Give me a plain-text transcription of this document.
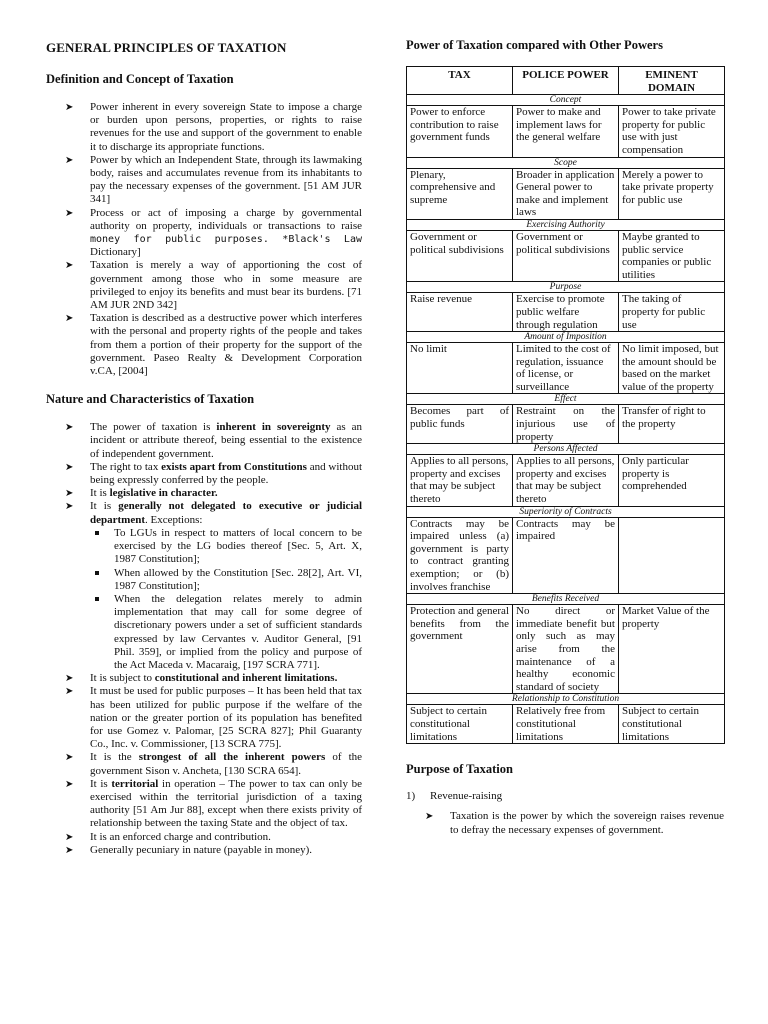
GENERAL PRINCIPLES OF TAXATION
Definition and Concept of Taxation
➤ Power inherent in every sovereign State to impose a charge or burden upon persons, properties, or rights to raise revenues for the use and support of the government to enable it to discharge its appropriate functions.
➤ Power by which an Independent State, through its lawmaking body, raises and accumulates revenue from its inhabitants to pay the necessary expenses of the government. [51 AM JUR 341]
➤ Process or act of imposing a charge by governmental authority on property, individuals or transactions to raise money for public purposes. *Black's Law Dictionary]
➤ Taxation is merely a way of apportioning the cost of government among those who in some measure are privileged to enjoy its benefits and must bear its burdens. [71 AM JUR 2ND 342]
➤ Taxation is described as a destructive power which interferes with the personal and property rights of the people and takes from them a portion of their property for the support of the government. Paseo Realty & Development Corporation v.CA, [2004]
Nature and Characteristics of Taxation
➤ The power of taxation is inherent in sovereignty as an incident or attribute thereof, being essential to the existence of independent government.
➤ The right to tax exists apart from Constitutions and without being expressly conferred by the people.
➤ It is legislative in character.
➤ It is generally not delegated to executive or judicial department. Exceptions:
To LGUs in respect to matters of local concern to be exercised by the LG bodies thereof [Sec. 5, Art. X, 1987 Constitution];
When allowed by the Constitution [Sec. 28[2], Art. VI, 1987 Constitution];
When the delegation relates merely to admin implementation that may call for some degree of discretionary powers under a set of sufficient standards expressed by law Cervantes v. Auditor General, [91 Phil. 359], or implied from the policy and purpose of the Act Maceda v. Macaraig, [197 SCRA 771].
➤ It is subject to constitutional and inherent limitations.
➤ It must be used for public purposes – It has been held that tax has been utilized for public purpose if the welfare of the nation or the greater portion of its population has benefited for use Gomez v. Palomar, [25 SCRA 827]; Phil Guaranty Co., Inc. v. Commissioner, [13 SCRA 775].
➤ It is the strongest of all the inherent powers of the government Sison v. Ancheta, [130 SCRA 654].
➤ It is territorial in operation – The power to tax can only be exercised within the territorial jurisdiction of a taxing authority [51 Am Jur 88], except when there exists privity of relationship between the taxing State and the object of tax.
➤ It is an enforced charge and contribution.
➤ Generally pecuniary in nature (payable in money).
Power of Taxation compared with Other Powers
TAX	POLICE POWER	EMINENT DOMAIN
Concept		
Power to enforce contribution to raise government funds	Power to make and implement laws for the general welfare	Power to take private property for public use with just compensation
Scope		
Plenary, comprehensive and supreme	Broader in application General power to make and implement laws	Merely a power to take private property for public use
Exercising Authority		
Government or political subdivisions	Government or political subdivisions	Maybe granted to public service companies or public utilities
Purpose		
Raise revenue	Exercise to promote public welfare through regulation	The taking of property for public use
Amount of Imposition		
No limit	Limited to the cost of regulation, issuance of license, or surveillance	No limit imposed, but the amount should be based on the market value of the property
Effect		
Becomes part of public funds	Restraint on the injurious use of property	Transfer of right to the property
Persons Affected		
Applies to all persons, property and excises that may be subject thereto	Applies to all persons, property and excises that may be subject thereto	Only particular property is comprehended
Superiority of Contracts		
Contracts may be impaired unless (a) government is party to contract granting exemption; or (b) involves franchise	Contracts may be impaired	
Benefits Received		
Protection and general benefits from the government	No direct or immediate benefit but only such as may arise from the maintenance of a healthy economic standard of society	Market Value of the property
Relationship to Constitution		
Subject to certain constitutional limitations	Relatively free from constitutional limitations	Subject to certain constitutional limitations
Purpose of Taxation
1) Revenue-raising
➤ Taxation is the power by which the sovereign raises revenue to defray the necessary expenses of government.
